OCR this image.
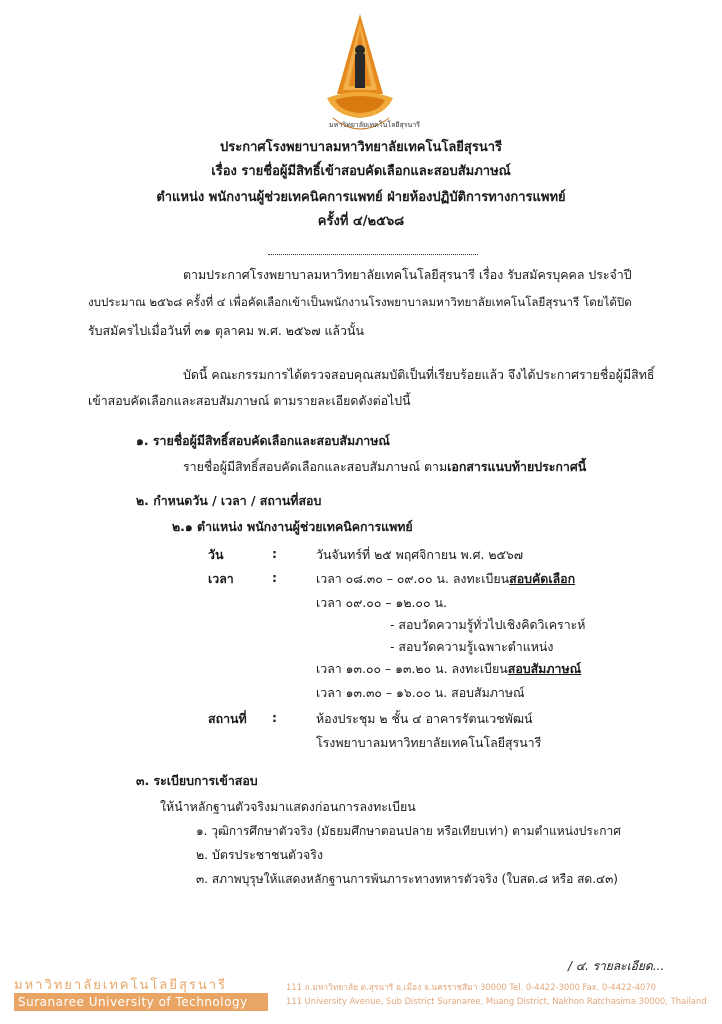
มหาวิทยาลัยเทคโนโลยีสุรนารี
ประกาศโรงพยาบาลมหาวิทยาลัยเทคโนโลยีสุรนารี
เรื่อง รายชื่อผู้มีสิทธิ์เข้าสอบคัดเลือกและสอบสัมภาษณ์
ตำแหน่ง พนักงานผู้ช่วยเทคนิคการแพทย์ ฝ่ายห้องปฏิบัติการทางการแพทย์
ครั้งที่ ๔/๒๕๖๘
ตามประกาศโรงพยาบาลมหาวิทยาลัยเทคโนโลยีสุรนารี เรื่อง รับสมัครบุคคล ประจำปี
งบประมาณ ๒๕๖๘ ครั้งที่ ๔ เพื่อคัดเลือกเข้าเป็นพนักงานโรงพยาบาลมหาวิทยาลัยเทคโนโลยีสุรนารี โดยได้ปิด
รับสมัครไปเมื่อวันที่ ๓๑ ตุลาคม พ.ศ. ๒๕๖๗ แล้วนั้น
บัดนี้ คณะกรรมการได้ตรวจสอบคุณสมบัติเป็นที่เรียบร้อยแล้ว จึงได้ประกาศรายชื่อผู้มีสิทธิ์
เข้าสอบคัดเลือกและสอบสัมภาษณ์ ตามรายละเอียดดังต่อไปนี้
๑. รายชื่อผู้มีสิทธิ์สอบคัดเลือกและสอบสัมภาษณ์
รายชื่อผู้มีสิทธิ์สอบคัดเลือกและสอบสัมภาษณ์ ตามเอกสารแนบท้ายประกาศนี้
๒. กำหนดวัน / เวลา / สถานที่สอบ
๒.๑ ตำแหน่ง พนักงานผู้ช่วยเทคนิคการแพทย์
วัน	:	วันจันทร์ที่ ๒๕ พฤศจิกายน พ.ศ. ๒๕๖๗
เวลา	:	เวลา ๐๘.๓๐ – ๐๙.๐๐ น. ลงทะเบียนสอบคัดเลือก
เวลา ๐๙.๐๐ – ๑๒.๐๐ น.
- สอบวัดความรู้ทั่วไปเชิงคิดวิเคราะห์
- สอบวัดความรู้เฉพาะตำแหน่ง
เวลา ๑๓.๐๐ – ๑๓.๒๐ น. ลงทะเบียนสอบสัมภาษณ์
เวลา ๑๓.๓๐ – ๑๖.๐๐ น. สอบสัมภาษณ์
สถานที่ :	ห้องประชุม ๒ ชั้น ๔ อาคารรัตนเวชพัฒน์
โรงพยาบาลมหาวิทยาลัยเทคโนโลยีสุรนารี
๓. ระเบียบการเข้าสอบ
ให้นำหลักฐานตัวจริงมาแสดงก่อนการลงทะเบียน
๑. วุฒิการศึกษาตัวจริง (มัธยมศึกษาตอนปลาย หรือเทียบเท่า) ตามตำแหน่งประกาศ
๒. บัตรประชาชนตัวจริง
๓. สภาพบุรุษให้แสดงหลักฐานการพ้นภาระทางทหารตัวจริง (ใบสด.๘ หรือ สด.๔๓)
/ ๔. รายละเอียด...
มหาวิทยาลัยเทคโนโลยีสุรนารี
Suranaree University of Technology
111 ถ.มหาวิทยาลัย ต.สุรนารี อ.เมือง จ.นครราชสีมา 30000 Tel. 0-4422-3000 Fax. 0-4422-4070
111 University Avenue, Sub District Suranaree, Muang District, Nakhon Ratchasima 30000, Thailand
